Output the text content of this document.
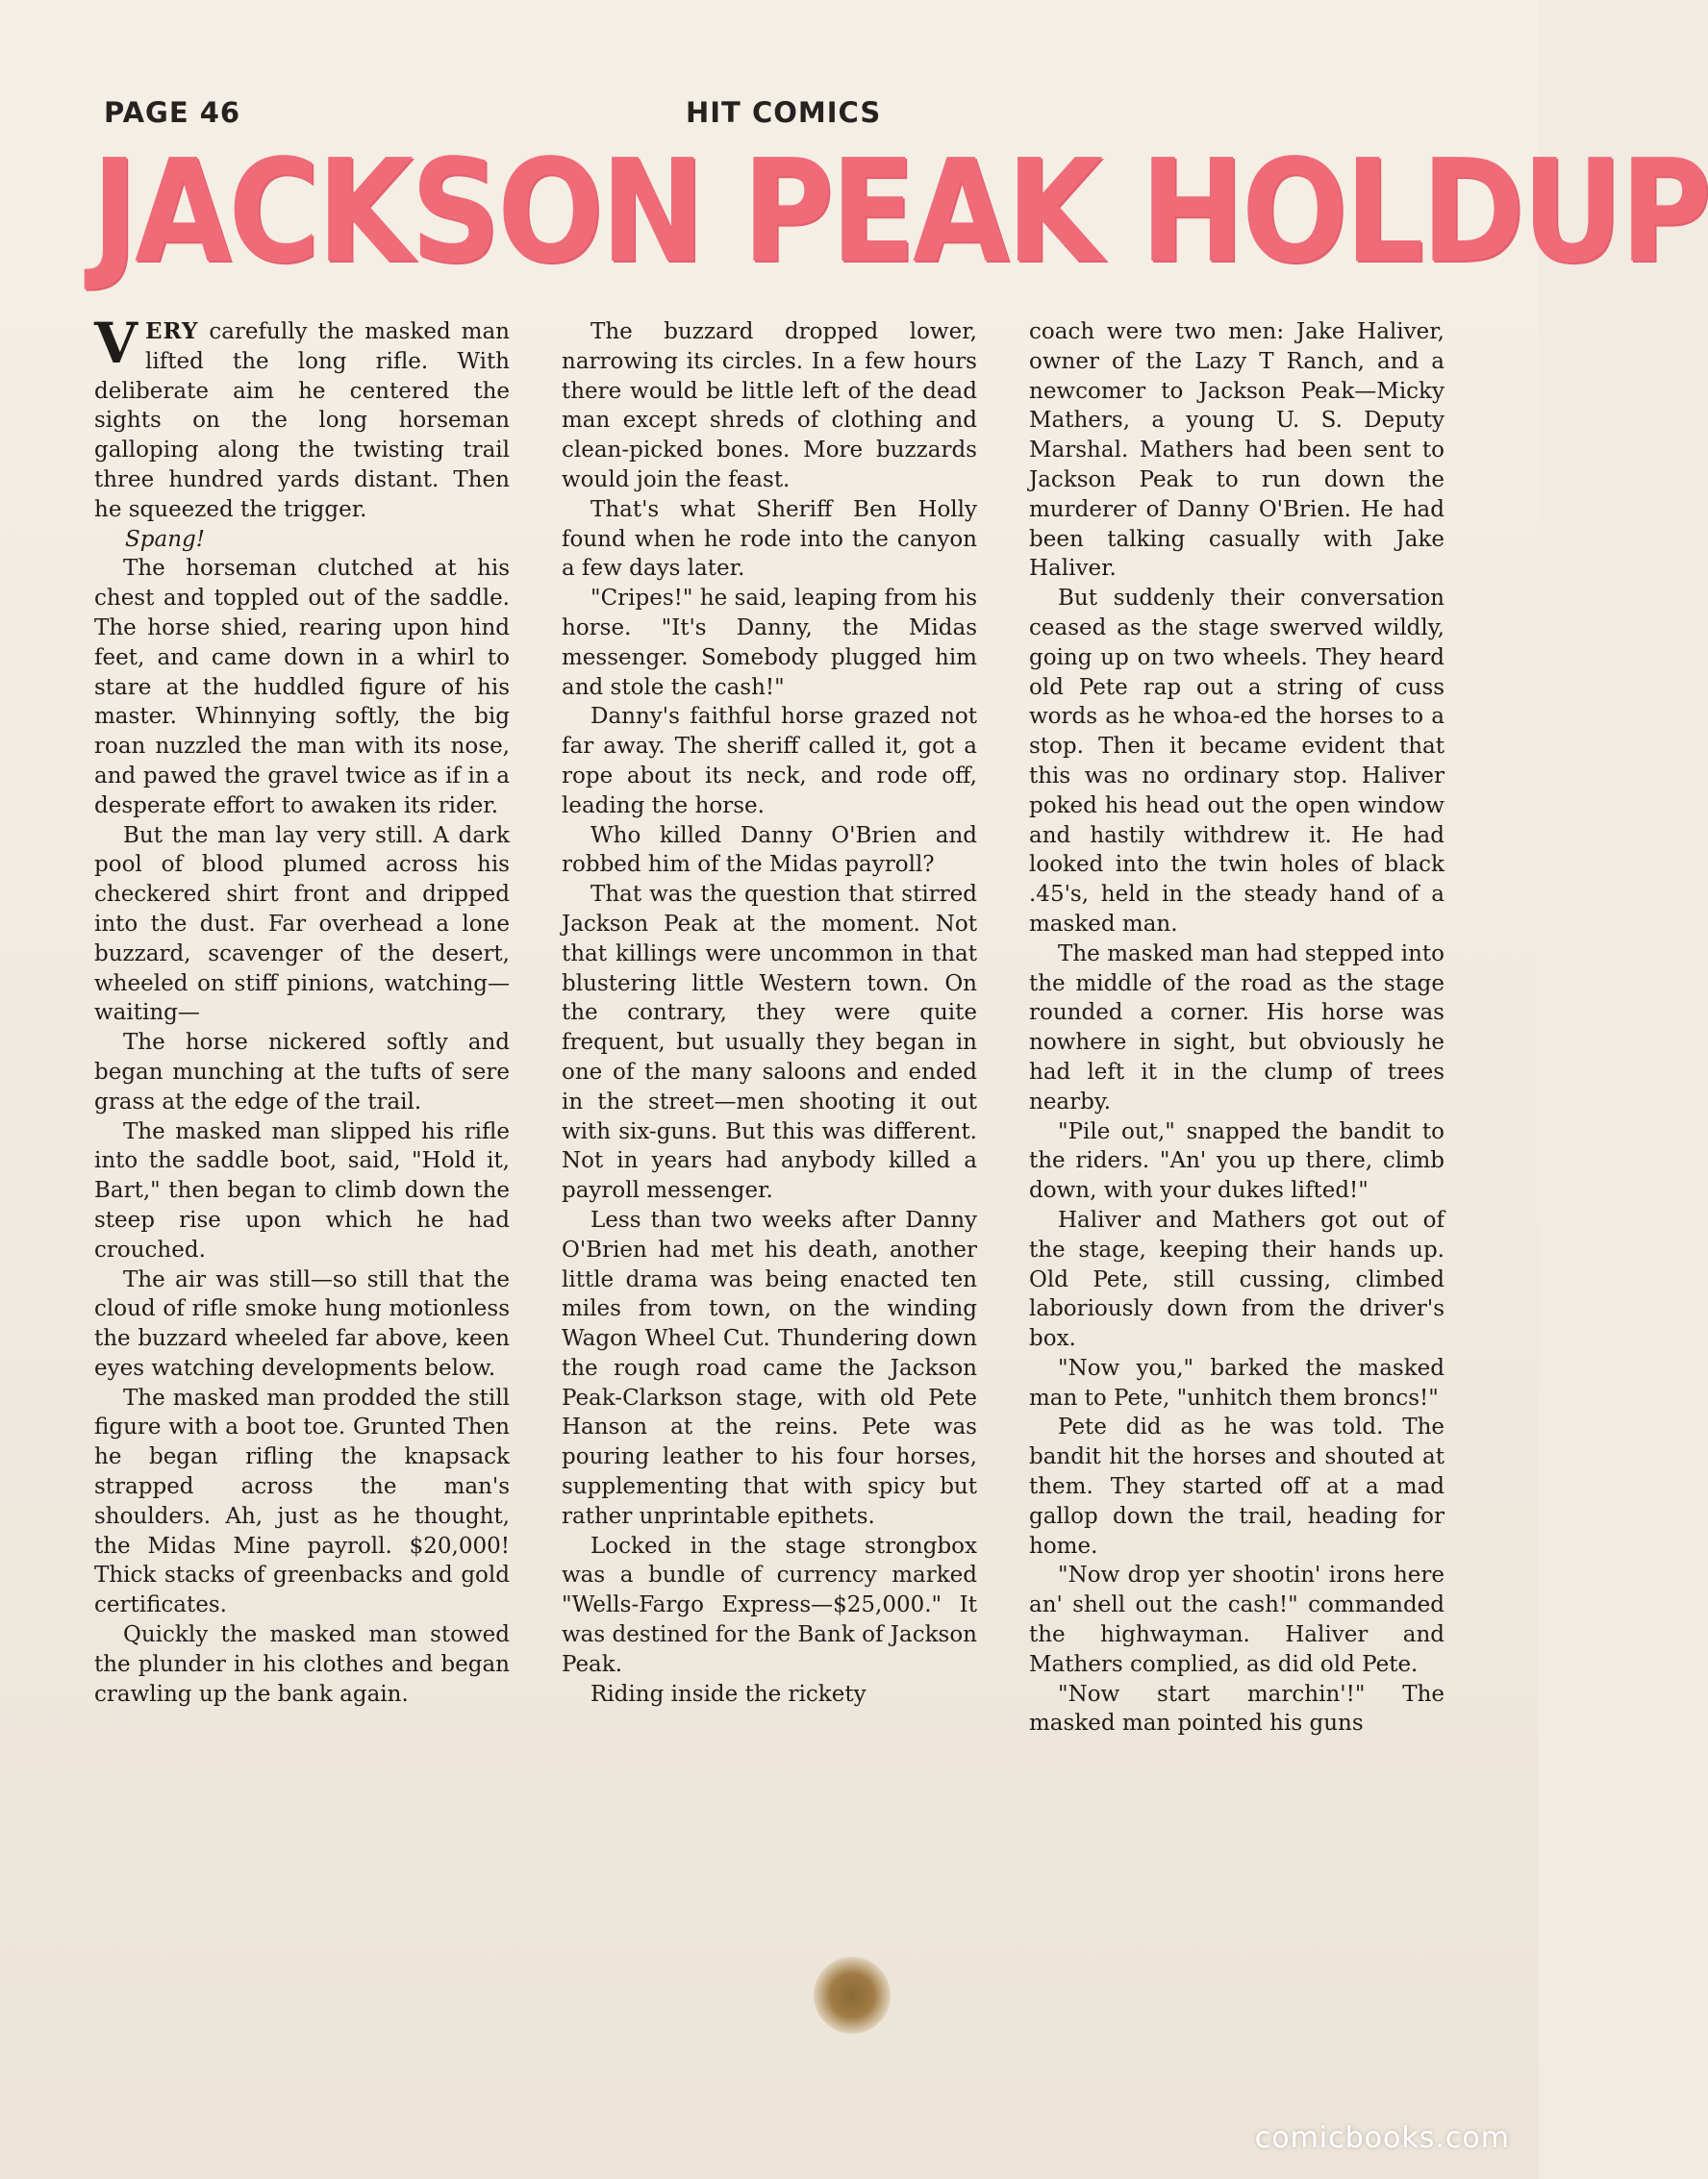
PAGE 46	HIT COMICS
JACKSON PEAK HOLDUP

VERY carefully the masked man lifted the long rifle. With deliberate aim he centered the sights on the long horseman galloping along the twisting trail three hundred yards distant. Then he squeezed the trigger.

Spang!

The horseman clutched at his chest and toppled out of the saddle. The horse shied, rearing upon hind feet, and came down in a whirl to stare at the huddled figure of his master. Whinnying softly, the big roan nuzzled the man with its nose, and pawed the gravel twice as if in a desperate effort to awaken its rider.

But the man lay very still. A dark pool of blood plumed across his checkered shirt front and dripped into the dust. Far overhead a lone buzzard, scavenger of the desert, wheeled on stiff pinions, watching—waiting—

The horse nickered softly and began munching at the tufts of sere grass at the edge of the trail.

The masked man slipped his rifle into the saddle boot, said, "Hold it, Bart," then began to climb down the steep rise upon which he had crouched.

The air was still—so still that the cloud of rifle smoke hung motionless the buzzard wheeled far above, keen eyes watching developments below.

The masked man prodded the still figure with a boot toe. Grunted Then he began rifling the knapsack strapped across the man's shoulders. Ah, just as he thought, the Midas Mine payroll. $20,000! Thick stacks of greenbacks and gold certificates.

Quickly the masked man stowed the plunder in his clothes and began crawling up the bank again.

The buzzard dropped lower, narrowing its circles. In a few hours there would be little left of the dead man except shreds of clothing and clean-picked bones. More buzzards would join the feast.

That's what Sheriff Ben Holly found when he rode into the canyon a few days later.

"Cripes!" he said, leaping from his horse. "It's Danny, the Midas messenger. Somebody plugged him and stole the cash!"

Danny's faithful horse grazed not far away. The sheriff called it, got a rope about its neck, and rode off, leading the horse.

Who killed Danny O'Brien and robbed him of the Midas payroll?

That was the question that stirred Jackson Peak at the moment. Not that killings were uncommon in that blustering little Western town. On the contrary, they were quite frequent, but usually they began in one of the many saloons and ended in the street—men shooting it out with six-guns. But this was different. Not in years had anybody killed a payroll messenger.

Less than two weeks after Danny O'Brien had met his death, another little drama was being enacted ten miles from town, on the winding Wagon Wheel Cut. Thundering down the rough road came the Jackson Peak-Clarkson stage, with old Pete Hanson at the reins. Pete was pouring leather to his four horses, supplementing that with spicy but rather unprintable epithets.

Locked in the stage strongbox was a bundle of currency marked "Wells-Fargo Express—$25,000." It was destined for the Bank of Jackson Peak.

Riding inside the rickety

coach were two men: Jake Haliver, owner of the Lazy T Ranch, and a newcomer to Jackson Peak—Micky Mathers, a young U. S. Deputy Marshal. Mathers had been sent to Jackson Peak to run down the murderer of Danny O'Brien. He had been talking casually with Jake Haliver.

But suddenly their conversation ceased as the stage swerved wildly, going up on two wheels. They heard old Pete rap out a string of cuss words as he whoa-ed the horses to a stop. Then it became evident that this was no ordinary stop. Haliver poked his head out the open window and hastily withdrew it. He had looked into the twin holes of black .45's, held in the steady hand of a masked man.

The masked man had stepped into the middle of the road as the stage rounded a corner. His horse was nowhere in sight, but obviously he had left it in the clump of trees nearby.

"Pile out," snapped the bandit to the riders. "An' you up there, climb down, with your dukes lifted!"

Haliver and Mathers got out of the stage, keeping their hands up. Old Pete, still cussing, climbed laboriously down from the driver's box.

"Now you," barked the masked man to Pete, "unhitch them broncs!"

Pete did as he was told. The bandit hit the horses and shouted at them. They started off at a mad gallop down the trail, heading for home.

"Now drop yer shootin' irons here an' shell out the cash!" commanded the highwayman. Haliver and Mathers complied, as did old Pete.

"Now start marchin'!" The masked man pointed his guns

comicbooks.com
